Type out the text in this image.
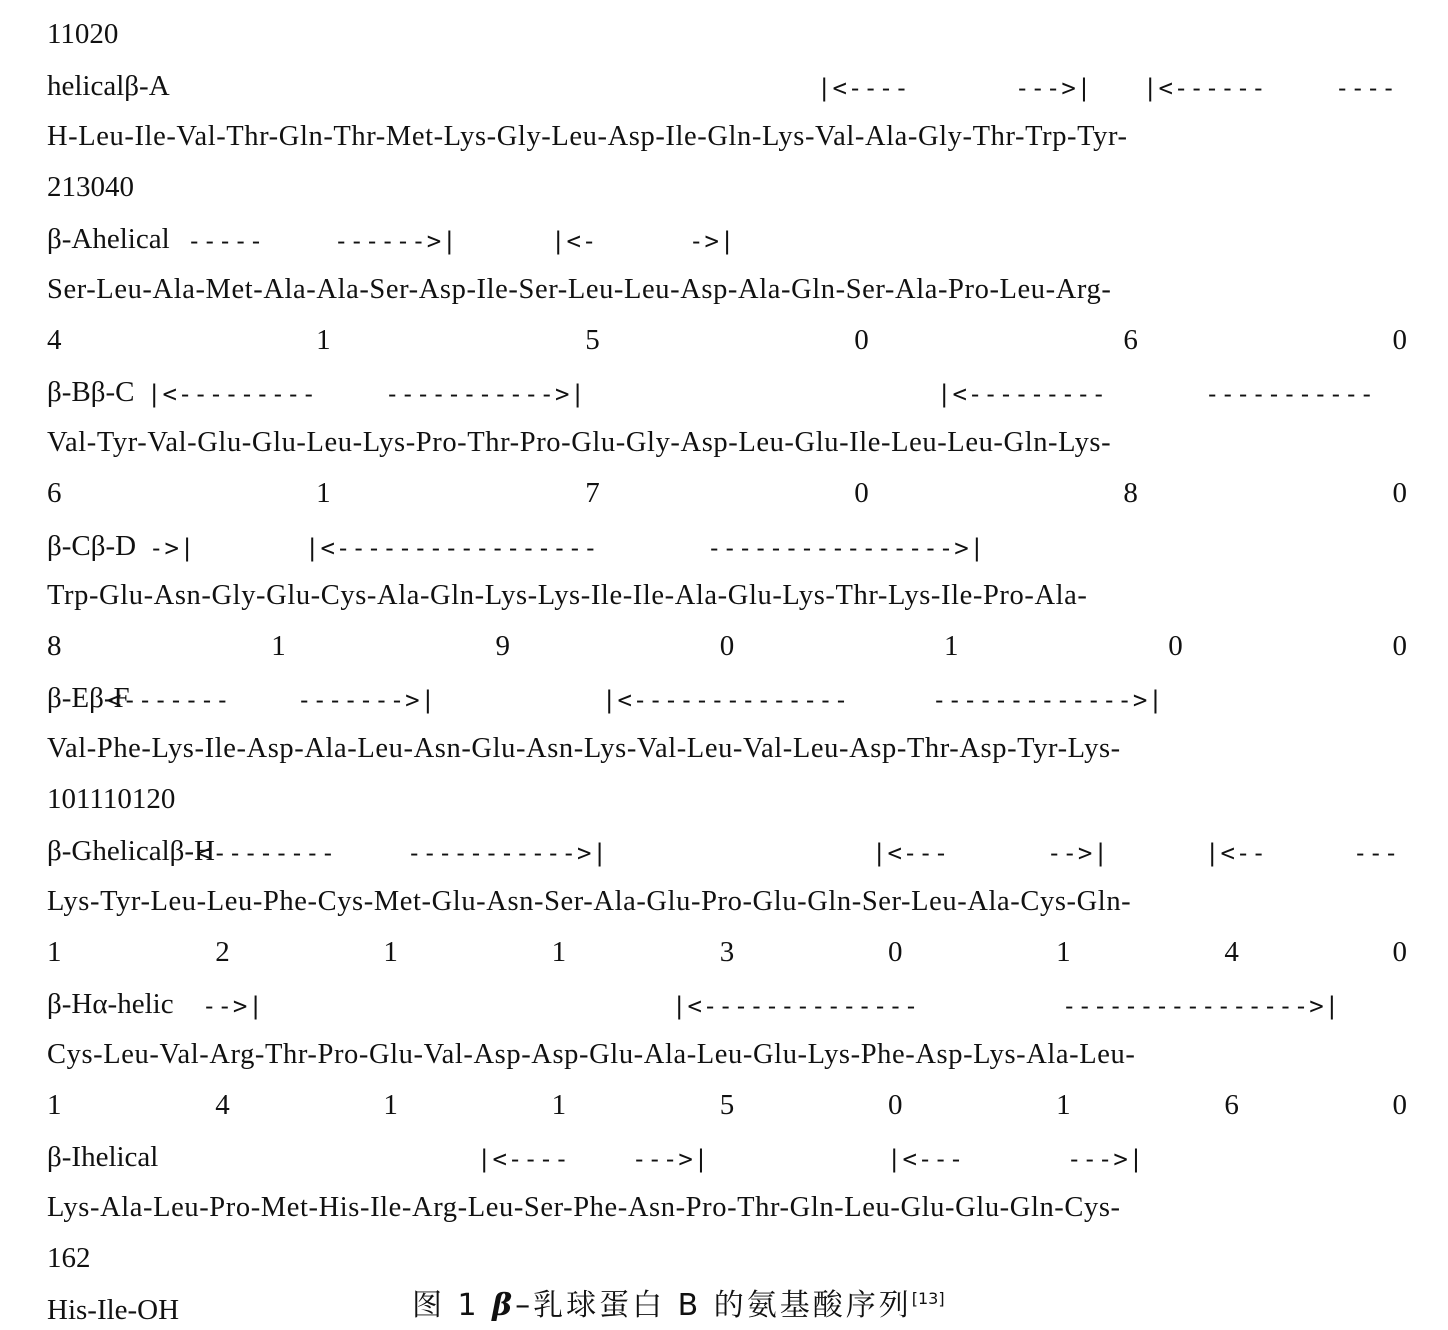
11020
helicalβ-A	|<----	--->| |<------	----
H-Leu-Ile-Val-Thr-Gln-Thr-Met-Lys-Gly-Leu-Asp-Ile-Gln-Lys-Val-Ala-Gly-Thr-Trp-Tyr-
213040
β-Ahelical -----	------>|	|<-	->|
Ser-Leu-Ala-Met-Ala-Ala-Ser-Asp-Ile-Ser-Leu-Leu-Asp-Ala-Gln-Ser-Ala-Pro-Leu-Arg-
4	1	5	0	6	0
β-Bβ-C |<---------	----------->|	|<---------	-----------
Val-Tyr-Val-Glu-Glu-Leu-Lys-Pro-Thr-Pro-Glu-Gly-Asp-Leu-Glu-Ile-Leu-Leu-Gln-Lys-
6	1	7	0	8	0
β-Cβ-D ->|	|<-----------------	---------------->|
Trp-Glu-Asn-Gly-Glu-Cys-Ala-Gln-Lys-Lys-Ile-Ile-Ala-Glu-Lys-Thr-Lys-Ile-Pro-Ala-
8	1	9	0	1	0	0
β-Eβ-F
<-------	------->|	|<--------------	------------->|
Val-Phe-Lys-Ile-Asp-Ala-Leu-Asn-Glu-Asn-Lys-Val-Leu-Val-Leu-Asp-Thr-Asp-Tyr-Lys-
101110120
β-Ghelicalβ-H
<--------	----------->|	|<---	-->|	|<--	---
Lys-Tyr-Leu-Leu-Phe-Cys-Met-Glu-Asn-Ser-Ala-Glu-Pro-Glu-Gln-Ser-Leu-Ala-Cys-Gln-
1	2	1	1	3	0	1	4	0
β-Hα-helic -->|	|<--------------	---------------->|
Cys-Leu-Val-Arg-Thr-Pro-Glu-Val-Asp-Asp-Glu-Ala-Leu-Glu-Lys-Phe-Asp-Lys-Ala-Leu-
1	4	1	1	5	0	1	6	0
β-Ihelical	|<----	--->|	|<---	--->|
Lys-Ala-Leu-Pro-Met-His-Ile-Arg-Leu-Ser-Phe-Asn-Pro-Thr-Gln-Leu-Glu-Glu-Gln-Cys-
162
His-Ile-OH	图 1 β–乳球蛋白 B 的氨基酸序列[13]
